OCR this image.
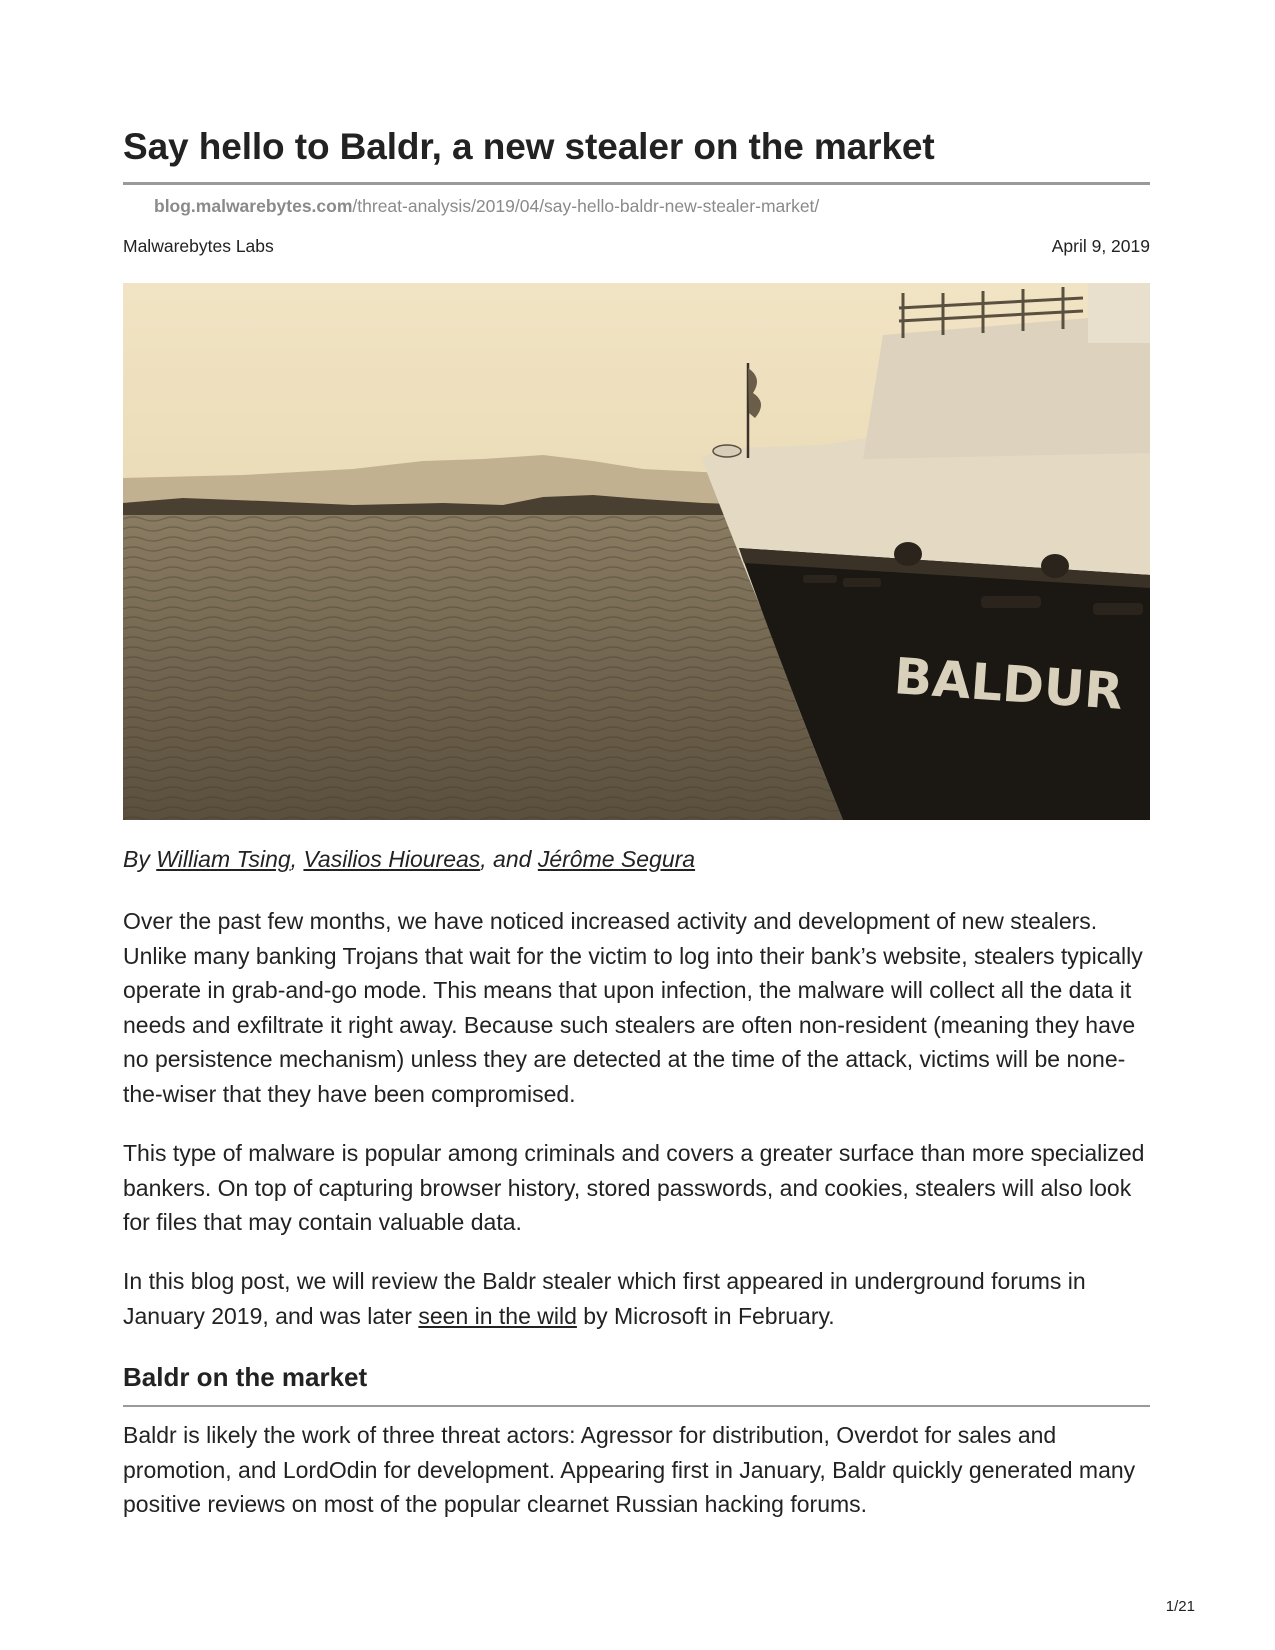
Say hello to Baldr, a new stealer on the market
blog.malwarebytes.com/threat-analysis/2019/04/say-hello-baldr-new-stealer-market/
Malwarebytes Labs	April 9, 2019
BALDUR
By William Tsing, Vasilios Hioureas, and Jérôme Segura

Over the past few months, we have noticed increased activity and development of new stealers. Unlike many banking Trojans that wait for the victim to log into their bank’s website, stealers typically operate in grab-and-go mode. This means that upon infection, the malware will collect all the data it needs and exfiltrate it right away. Because such stealers are often non-resident (meaning they have no persistence mechanism) unless they are detected at the time of the attack, victims will be none-the-wiser that they have been compromised.

This type of malware is popular among criminals and covers a greater surface than more specialized bankers. On top of capturing browser history, stored passwords, and cookies, stealers will also look for files that may contain valuable data.

In this blog post, we will review the Baldr stealer which first appeared in underground forums in January 2019, and was later seen in the wild by Microsoft in February.

Baldr on the market

Baldr is likely the work of three threat actors: Agressor for distribution, Overdot for sales and promotion, and LordOdin for development. Appearing first in January, Baldr quickly generated many positive reviews on most of the popular clearnet Russian hacking forums.

1/21
